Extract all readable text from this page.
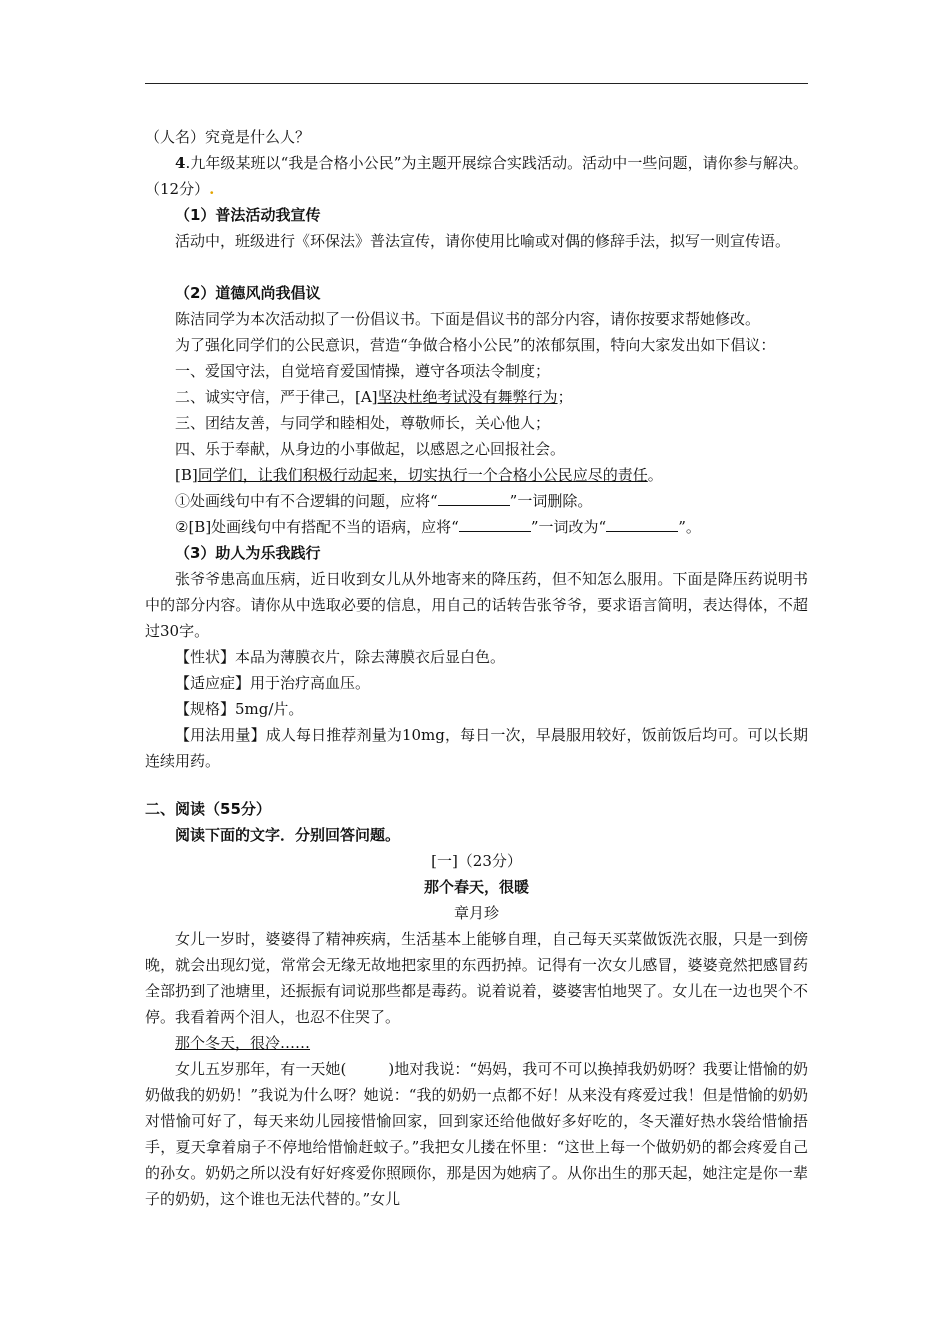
（人名）究竟是什么人？

4.九年级某班以“我是合格小公民”为主题开展综合实践活动。活动中一些问题，请你参与解决。（12分）.

（1）普法活动我宣传

活动中，班级进行《环保法》普法宣传，请你使用比喻或对偶的修辞手法，拟写一则宣传语。

（2）道德风尚我倡议

陈洁同学为本次活动拟了一份倡议书。下面是倡议书的部分内容，请你按要求帮她修改。

为了强化同学们的公民意识，营造“争做合格小公民”的浓郁氛围，特向大家发出如下倡议：

一、爱国守法，自觉培育爱国情操，遵守各项法令制度；

二、诚实守信，严于律己，[A]坚决杜绝考试没有舞弊行为；

三、团结友善，与同学和睦相处，尊敬师长，关心他人；

四、乐于奉献，从身边的小事做起，以感恩之心回报社会。

[B]同学们，让我们积极行动起来，切实执行一个合格小公民应尽的责任。

①处画线句中有不合逻辑的问题，应将“	”一词删除。

②[B]处画线句中有搭配不当的语病，应将“	”一词改为“	”。

（3）助人为乐我践行

张爷爷患高血压病，近日收到女儿从外地寄来的降压药，但不知怎么服用。下面是降压药说明书中的部分内容。请你从中选取必要的信息，用自己的话转告张爷爷，要求语言简明，表达得体，不超过30字。

【性状】本品为薄膜衣片，除去薄膜衣后显白色。

【适应症】用于治疗高血压。

【规格】5mg/片。

【用法用量】成人每日推荐剂量为10mg，每日一次，早晨服用较好，饭前饭后均可。可以长期连续用药。

二、阅读（55分）

阅读下面的文字．分别回答问题。

[一]（23分）

那个春天，很暖

章月珍

女儿一岁时，婆婆得了精神疾病，生活基本上能够自理，自己每天买菜做饭洗衣服，只是一到傍晚，就会出现幻觉，常常会无缘无故地把家里的东西扔掉。记得有一次女儿感冒，婆婆竟然把感冒药全部扔到了池塘里，还振振有词说那些都是毒药。说着说着，婆婆害怕地哭了。女儿在一边也哭个不停。我看着两个泪人，也忍不住哭了。

那个冬天，很冷……

女儿五岁那年，有一天她(	)地对我说：“妈妈，我可不可以换掉我奶奶呀？我要让惜愉的奶奶做我的奶奶！”我说为什么呀？她说：“我的奶奶一点都不好！从来没有疼爱过我！但是惜愉的奶奶对惜愉可好了，每天来幼儿园接惜愉回家，回到家还给他做好多好吃的，冬天灌好热水袋给惜愉捂手，夏天拿着扇子不停地给惜愉赶蚊子。”我把女儿搂在怀里：“这世上每一个做奶奶的都会疼爱自己的孙女。奶奶之所以没有好好疼爱你照顾你，那是因为她病了。从你出生的那天起，她注定是你一辈子的奶奶，这个谁也无法代替的。”女儿
